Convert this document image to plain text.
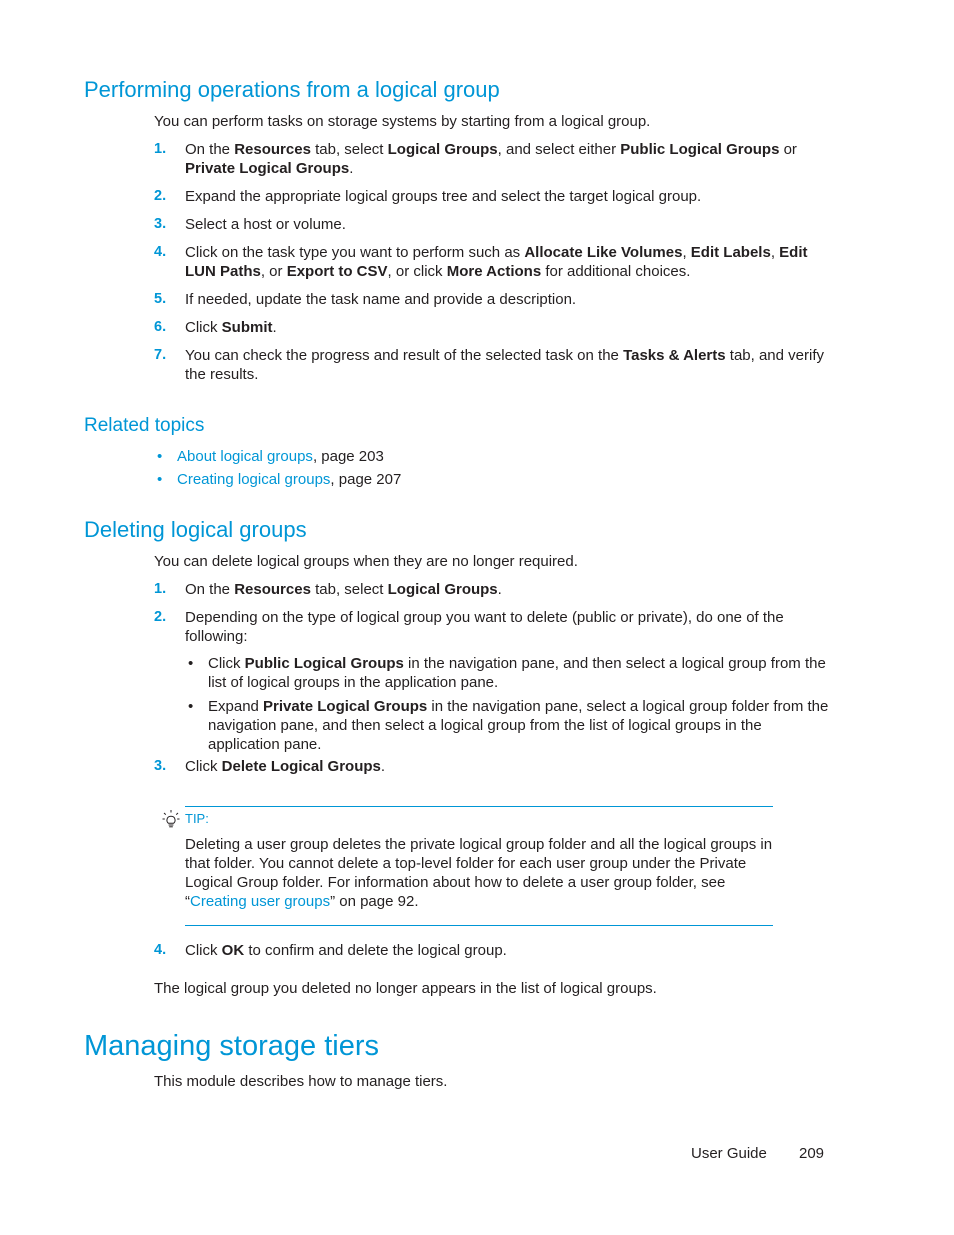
Performing operations from a logical group
You can perform tasks on storage systems by starting from a logical group.
1. On the Resources tab, select Logical Groups, and select either Public Logical Groups or Private Logical Groups.
2. Expand the appropriate logical groups tree and select the target logical group.
3. Select a host or volume.
4. Click on the task type you want to perform such as Allocate Like Volumes, Edit Labels, Edit LUN Paths, or Export to CSV, or click More Actions for additional choices.
5. If needed, update the task name and provide a description.
6. Click Submit.
7. You can check the progress and result of the selected task on the Tasks & Alerts tab, and verify the results.
Related topics
• About logical groups, page 203
• Creating logical groups, page 207
Deleting logical groups
You can delete logical groups when they are no longer required.
1. On the Resources tab, select Logical Groups.
2. Depending on the type of logical group you want to delete (public or private), do one of the following:
• Click Public Logical Groups in the navigation pane, and then select a logical group from the list of logical groups in the application pane.
• Expand Private Logical Groups in the navigation pane, select a logical group folder from the navigation pane, and then select a logical group from the list of logical groups in the application pane.
3. Click Delete Logical Groups.
TIP:
Deleting a user group deletes the private logical group folder and all the logical groups in that folder. You cannot delete a top-level folder for each user group under the Private Logical Group folder. For information about how to delete a user group folder, see “Creating user groups” on page 92.
4. Click OK to confirm and delete the logical group.
The logical group you deleted no longer appears in the list of logical groups.
Managing storage tiers
This module describes how to manage tiers.
User Guide 209
